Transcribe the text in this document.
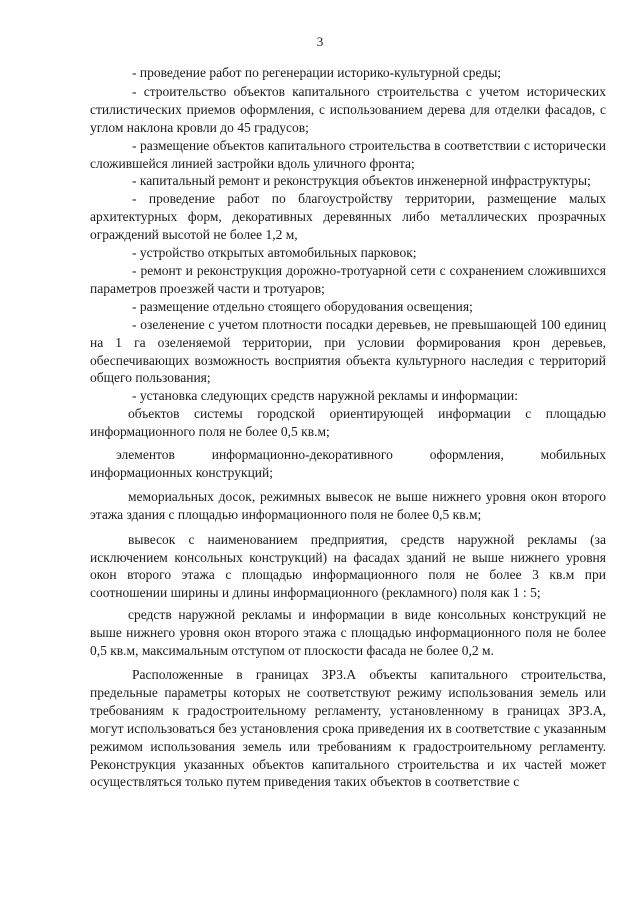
3

- проведение работ по регенерации историко-культурной среды;

- строительство объектов капитального строительства с учетом исторических стилистических приемов оформления, с использованием дерева для отделки фасадов, с углом наклона кровли до 45 градусов;

- размещение объектов капитального строительства в соответствии с исторически сложившейся линией застройки вдоль уличного фронта;

- капитальный ремонт и реконструкция объектов инженерной инфраструктуры;

- проведение работ по благоустройству территории, размещение малых архитектурных форм, декоративных деревянных либо металлических прозрачных ограждений высотой не более 1,2 м,

- устройство открытых автомобильных парковок;

- ремонт и реконструкция дорожно-тротуарной сети с сохранением сложившихся параметров проезжей части и тротуаров;

- размещение отдельно стоящего оборудования освещения;

- озеленение с учетом плотности посадки деревьев, не превышающей 100 единиц на 1 га озеленяемой территории, при условии формирования крон деревьев, обеспечивающих возможность восприятия объекта культурного наследия с территорий общего пользования;

- установка следующих средств наружной рекламы и информации:

объектов системы городской ориентирующей информации с площадью информационного поля не более 0,5 кв.м;

элементов информационно-декоративного оформления, мобильных информационных конструкций;

мемориальных досок, режимных вывесок не выше нижнего уровня окон второго этажа здания с площадью информационного поля не более 0,5 кв.м;

вывесок с наименованием предприятия, средств наружной рекламы (за исключением консольных конструкций) на фасадах зданий не выше нижнего уровня окон второго этажа с площадью информационного поля не более 3 кв.м при соотношении ширины и длины информационного (рекламного) поля как 1 : 5;

средств наружной рекламы и информации в виде консольных конструкций не выше нижнего уровня окон второго этажа с площадью информационного поля не более 0,5 кв.м, максимальным отступом от плоскости фасада не более 0,2 м.

Расположенные в границах ЗРЗ.А объекты капитального строительства, предельные параметры которых не соответствуют режиму использования земель или требованиям к градостроительному регламенту, установленному в границах ЗРЗ.А, могут использоваться без установления срока приведения их в соответствие с указанным режимом использования земель или требованиям к градостроительному регламенту. Реконструкция указанных объектов капитального строительства и их частей может осуществляться только путем приведения таких объектов в соответствие с
